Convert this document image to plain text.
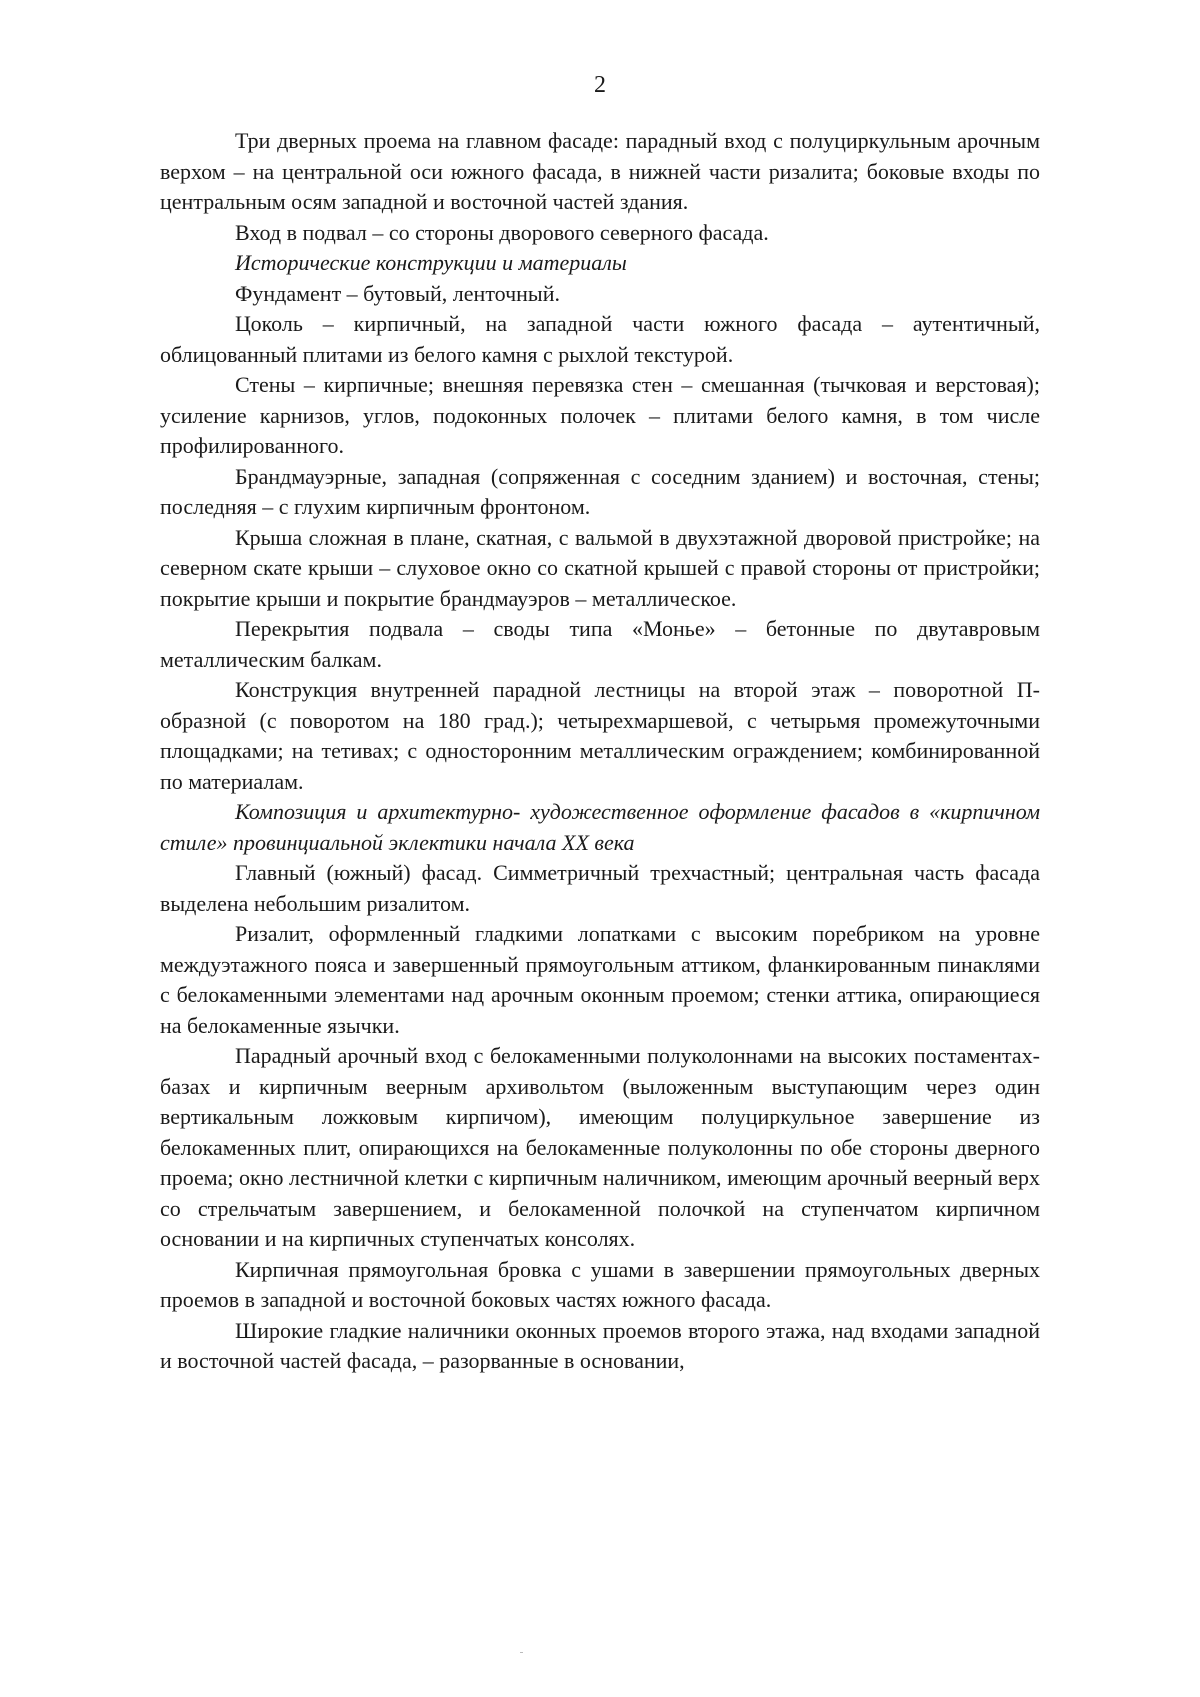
2

Три дверных проема на главном фасаде: парадный вход с полуциркульным арочным верхом – на центральной оси южного фасада, в нижней части ризалита; боковые входы по центральным осям западной и восточной частей здания.

Вход в подвал – со стороны дворового северного фасада.

Исторические конструкции и материалы

Фундамент – бутовый, ленточный.

Цоколь – кирпичный, на западной части южного фасада – аутентичный, облицованный плитами из белого камня с рыхлой текстурой.

Стены – кирпичные; внешняя перевязка стен – смешанная (тычковая и верстовая); усиление карнизов, углов, подоконных полочек – плитами белого камня, в том числе профилированного.

Брандмауэрные, западная (сопряженная с соседним зданием) и восточная, стены; последняя – с глухим кирпичным фронтоном.

Крыша сложная в плане, скатная, с вальмой в двухэтажной дворовой пристройке; на северном скате крыши – слуховое окно со скатной крышей с правой стороны от пристройки; покрытие крыши и покрытие брандмауэров – металлическое.

Перекрытия подвала – своды типа «Монье» – бетонные по двутавровым металлическим балкам.

Конструкция внутренней парадной лестницы на второй этаж – поворотной П-образной (с поворотом на 180 град.); четырехмаршевой, с четырьмя промежуточными площадками; на тетивах; с односторонним металлическим ограждением; комбинированной по материалам.

Композиция и архитектурно- художественное оформление фасадов в «кирпичном стиле» провинциальной эклектики начала XX века

Главный (южный) фасад. Симметричный трехчастный; центральная часть фасада выделена небольшим ризалитом.

Ризалит, оформленный гладкими лопатками с высоким поребриком на уровне междуэтажного пояса и завершенный прямоугольным аттиком, фланкированным пинаклями с белокаменными элементами над арочным оконным проемом; стенки аттика, опирающиеся на белокаменные язычки.

Парадный арочный вход с белокаменными полуколоннами на высоких постаментах-базах и кирпичным веерным архивольтом (выложенным выступающим через один вертикальным ложковым кирпичом), имеющим полуциркульное завершение из белокаменных плит, опирающихся на белокаменные полуколонны по обе стороны дверного проема; окно лестничной клетки с кирпичным наличником, имеющим арочный веерный верх со стрельчатым завершением, и белокаменной полочкой на ступенчатом кирпичном основании и на кирпичных ступенчатых консолях.

Кирпичная прямоугольная бровка с ушами в завершении прямоугольных дверных проемов в западной и восточной боковых частях южного фасада.

Широкие гладкие наличники оконных проемов второго этажа, над входами западной и восточной частей фасада, – разорванные в основании,
